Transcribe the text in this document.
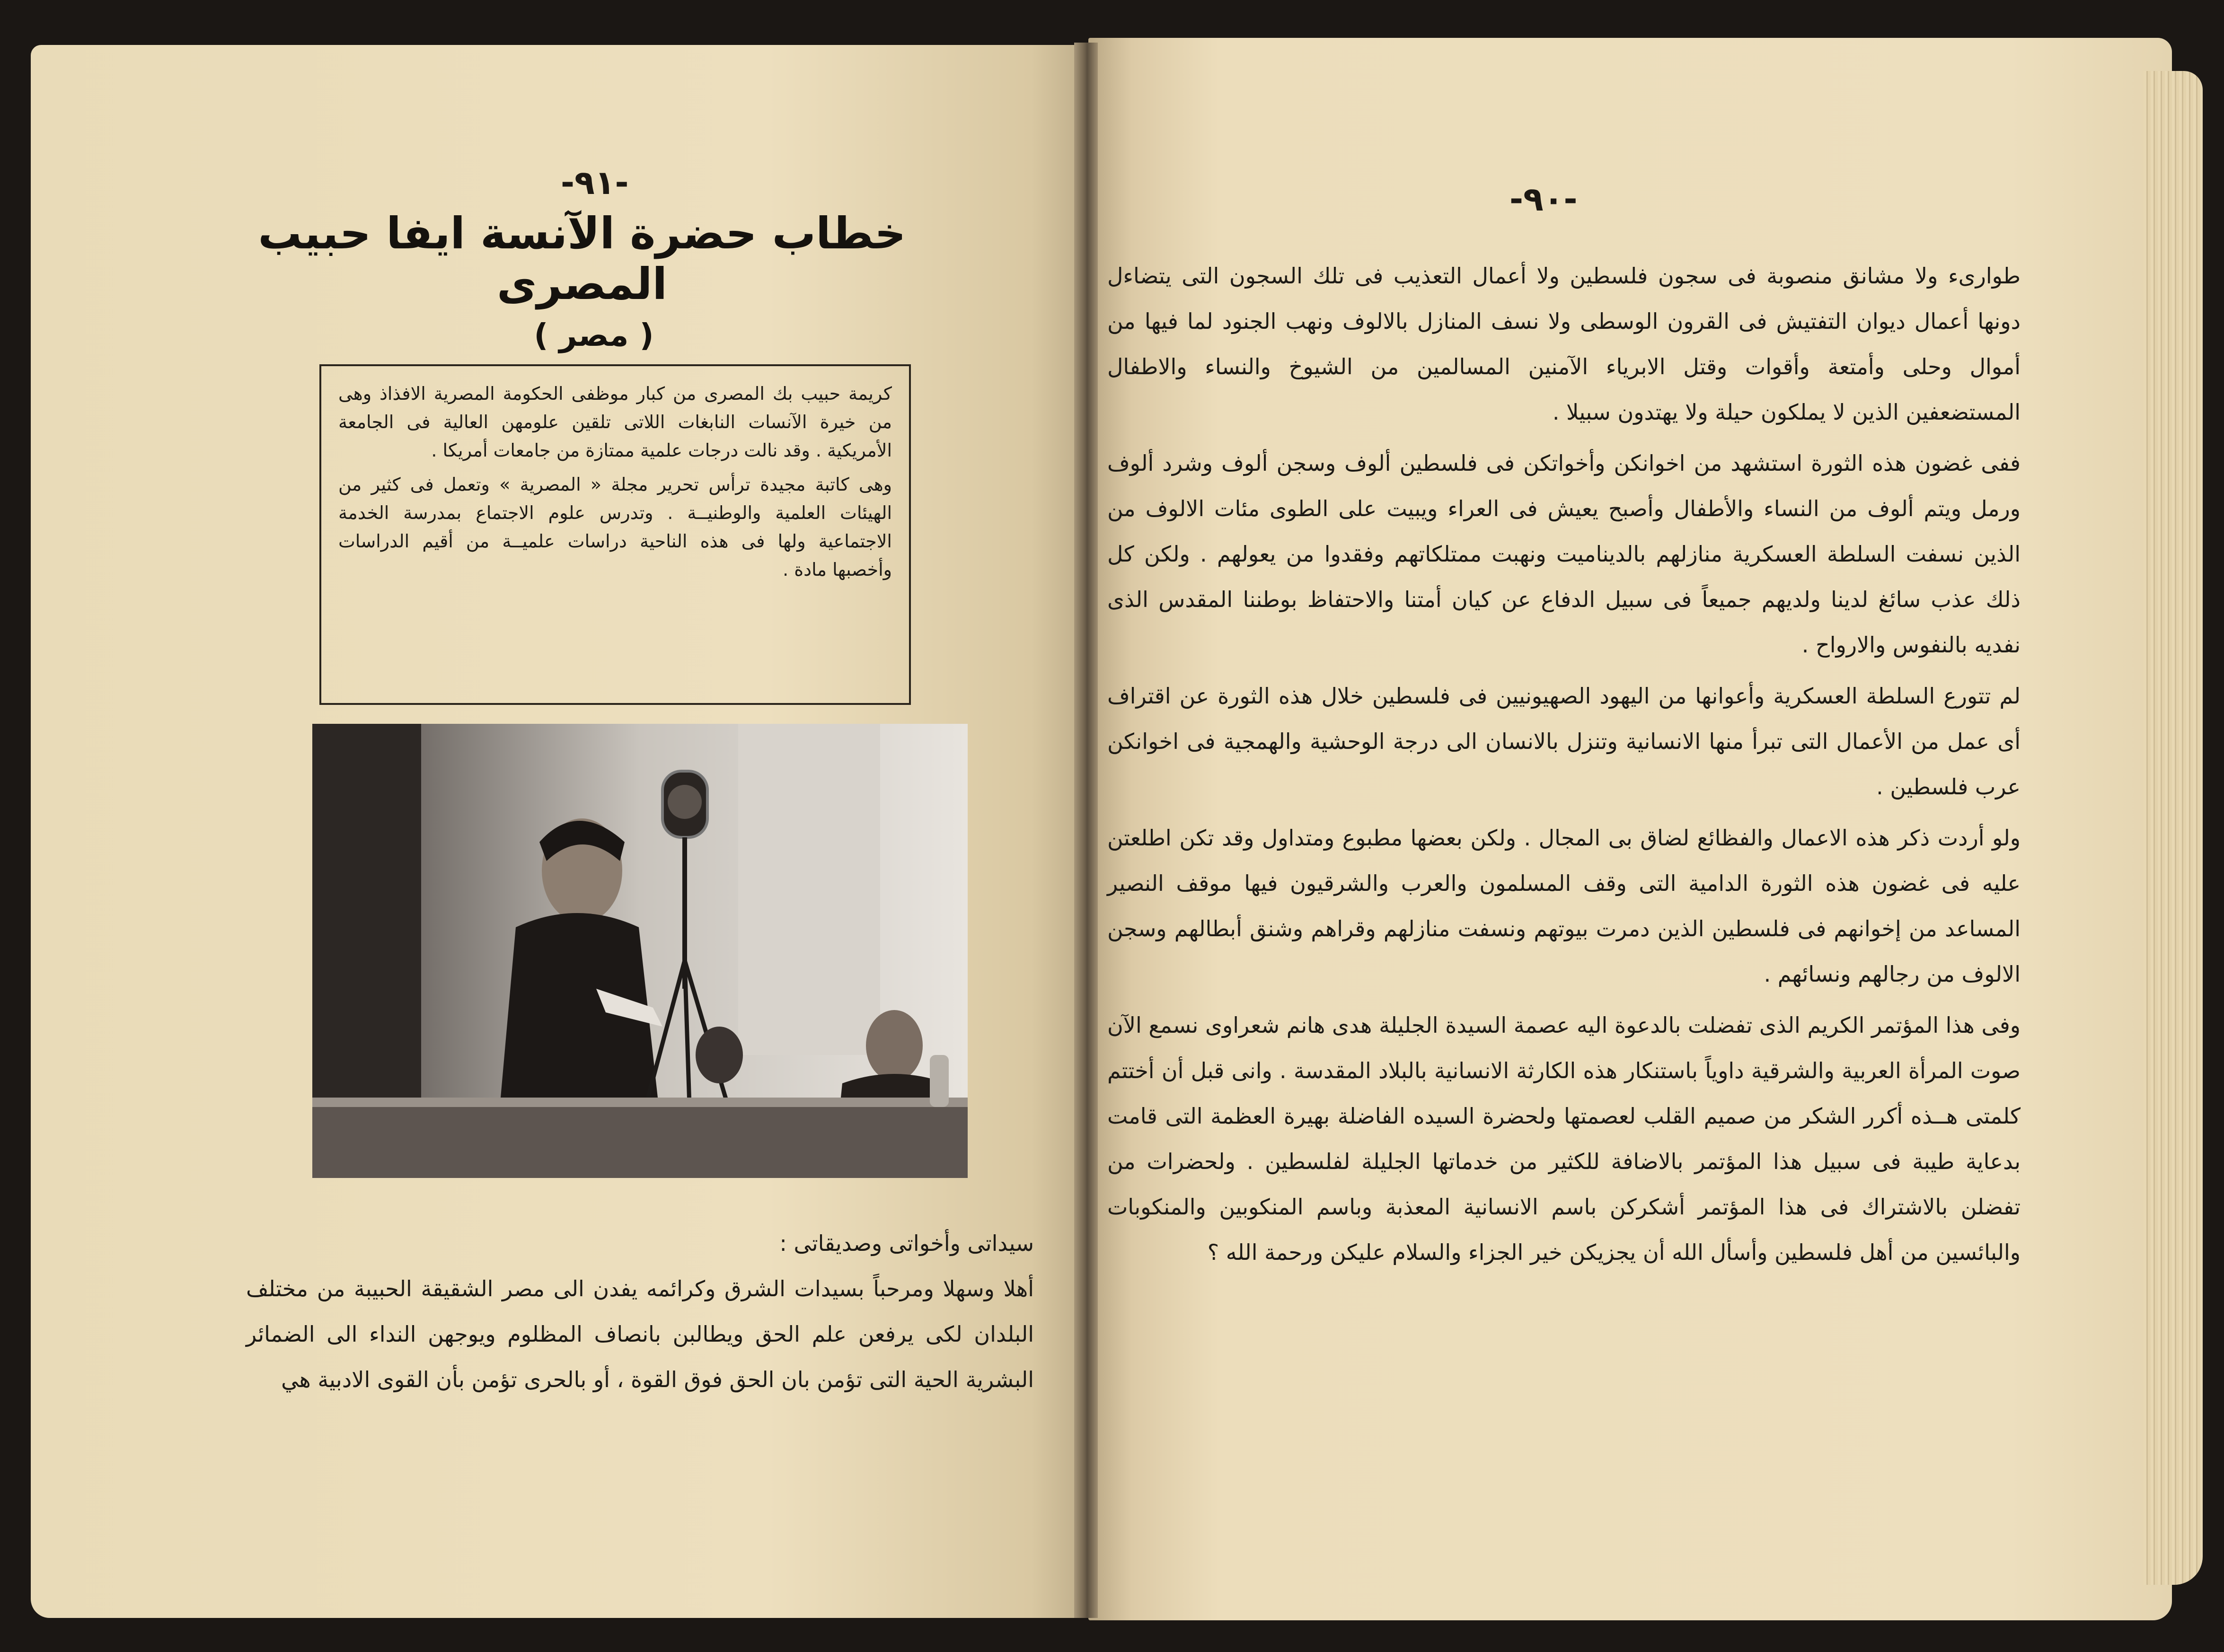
-٩١-
خطاب حضرة الآنسة ايفا حبيب المصرى
( مصر )

كريمة حبيب بك المصرى من كبار موظفى الحكومة المصرية الافذاذ وهى من خيرة الآنسات النابغات اللاتى تلقين علومهن العالية فى الجامعة الأمريكية . وقد نالت درجات علمية ممتازة من جامعات أمريكا .

وهى كاتبة مجيدة ترأس تحرير مجلة « المصرية » وتعمل فى كثير من الهيئات العلمية والوطنيــة . وتدرس علوم الاجتماع بمدرسة الخدمة الاجتماعية ولها فى هذه الناحية دراسات علميــة من أقيم الدراسات وأخصبها مادة .

سيداتى وأخواتى وصديقاتى :

أهلا وسهلا ومرحباً بسيدات الشرق وكرائمه يفدن الى مصر الشقيقة الحبيبة من مختلف البلدان لكى يرفعن علم الحق ويطالبن بانصاف المظلوم ويوجهن النداء الى الضمائر البشرية الحية التى تؤمن بان الحق فوق القوة ، أو بالحرى تؤمن بأن القوى الادبية هي

-٩٠-

طوارىء ولا مشانق منصوبة فى سجون فلسطين ولا أعمال التعذيب فى تلك السجون التى يتضاءل دونها أعمال ديوان التفتيش فى القرون الوسطى ولا نسف المنازل بالالوف ونهب الجنود لما فيها من أموال وحلى وأمتعة وأقوات وقتل الابرياء الآمنين المسالمين من الشيوخ والنساء والاطفال المستضعفين الذين لا يملكون حيلة ولا يهتدون سبيلا .

ففى غضون هذه الثورة استشهد من اخوانكن وأخواتكن فى فلسطين ألوف وسجن ألوف وشرد ألوف ورمل ويتم ألوف من النساء والأطفال وأصبح يعيش فى العراء ويبيت على الطوى مئات الالوف من الذين نسفت السلطة العسكرية منازلهم بالديناميت ونهبت ممتلكاتهم وفقدوا من يعولهم . ولكن كل ذلك عذب سائغ لدينا ولديهم جميعاً فى سبيل الدفاع عن كيان أمتنا والاحتفاظ بوطننا المقدس الذى نفديه بالنفوس والارواح .

لم تتورع السلطة العسكرية وأعوانها من اليهود الصهيونيين فى فلسطين خلال هذه الثورة عن اقتراف أى عمل من الأعمال التى تبرأ منها الانسانية وتنزل بالانسان الى درجة الوحشية والهمجية فى اخوانكن عرب فلسطين .

ولو أردت ذكر هذه الاعمال والفظائع لضاق بى المجال . ولكن بعضها مطبوع ومتداول وقد تكن اطلعتن عليه فى غضون هذه الثورة الدامية التى وقف المسلمون والعرب والشرقيون فيها موقف النصير المساعد من إخوانهم فى فلسطين الذين دمرت بيوتهم ونسفت منازلهم وقراهم وشنق أبطالهم وسجن الالوف من رجالهم ونسائهم .

وفى هذا المؤتمر الكريم الذى تفضلت بالدعوة اليه عصمة السيدة الجليلة هدى هانم شعراوى نسمع الآن صوت المرأة العربية والشرقية داوياً باستنكار هذه الكارثة الانسانية بالبلاد المقدسة . وانى قبل أن أختتم كلمتى هــذه أكرر الشكر من صميم القلب لعصمتها ولحضرة السيده الفاضلة بهيرة العظمة التى قامت بدعاية طيبة فى سبيل هذا المؤتمر بالاضافة للكثير من خدماتها الجليلة لفلسطين . ولحضرات من تفضلن بالاشتراك فى هذا المؤتمر أشكركن باسم الانسانية المعذبة وباسم المنكوبين والمنكوبات والبائسين من أهل فلسطين وأسأل الله أن يجزيكن خير الجزاء والسلام عليكن ورحمة الله ؟
